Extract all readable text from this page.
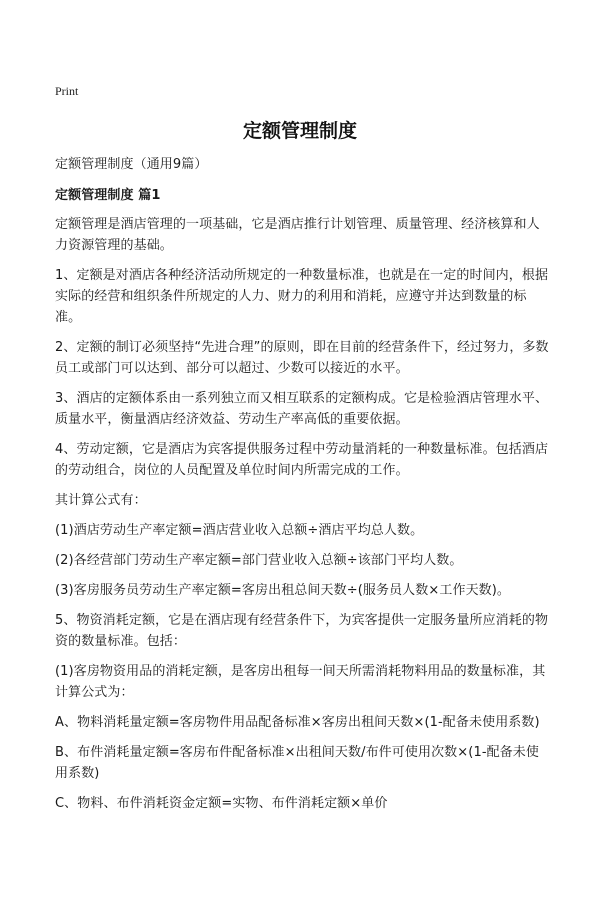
Print
定额管理制度

定额管理制度（通用9篇）

定额管理制度 篇1

定额管理是酒店管理的一项基础，它是酒店推行计划管理、质量管理、经济核算和人力资源管理的基础。

1、定额是对酒店各种经济活动所规定的一种数量标准，也就是在一定的时间内，根据实际的经营和组织条件所规定的人力、财力的利用和消耗，应遵守并达到数量的标准。

2、定额的制订必须坚持“先进合理”的原则，即在目前的经营条件下，经过努力，多数员工或部门可以达到、部分可以超过、少数可以接近的水平。

3、酒店的定额体系由一系列独立而又相互联系的定额构成。它是检验酒店管理水平、质量水平，衡量酒店经济效益、劳动生产率高低的重要依据。

4、劳动定额，它是酒店为宾客提供服务过程中劳动量消耗的一种数量标准。包括酒店的劳动组合，岗位的人员配置及单位时间内所需完成的工作。

其计算公式有：

(1)酒店劳动生产率定额=酒店营业收入总额÷酒店平均总人数。

(2)各经营部门劳动生产率定额=部门营业收入总额÷该部门平均人数。

(3)客房服务员劳动生产率定额=客房出租总间天数÷(服务员人数×工作天数)。

5、物资消耗定额，它是在酒店现有经营条件下，为宾客提供一定服务量所应消耗的物资的数量标准。包括：

(1)客房物资用品的消耗定额，是客房出租每一间天所需消耗物料用品的数量标准，其计算公式为：

A、物料消耗量定额=客房物件用品配备标准×客房出租间天数×(1-配备未使用系数)

B、布件消耗量定额=客房布件配备标准×出租间天数/布件可使用次数×(1-配备未使用系数)

C、物料、布件消耗资金定额=实物、布件消耗定额×单价
